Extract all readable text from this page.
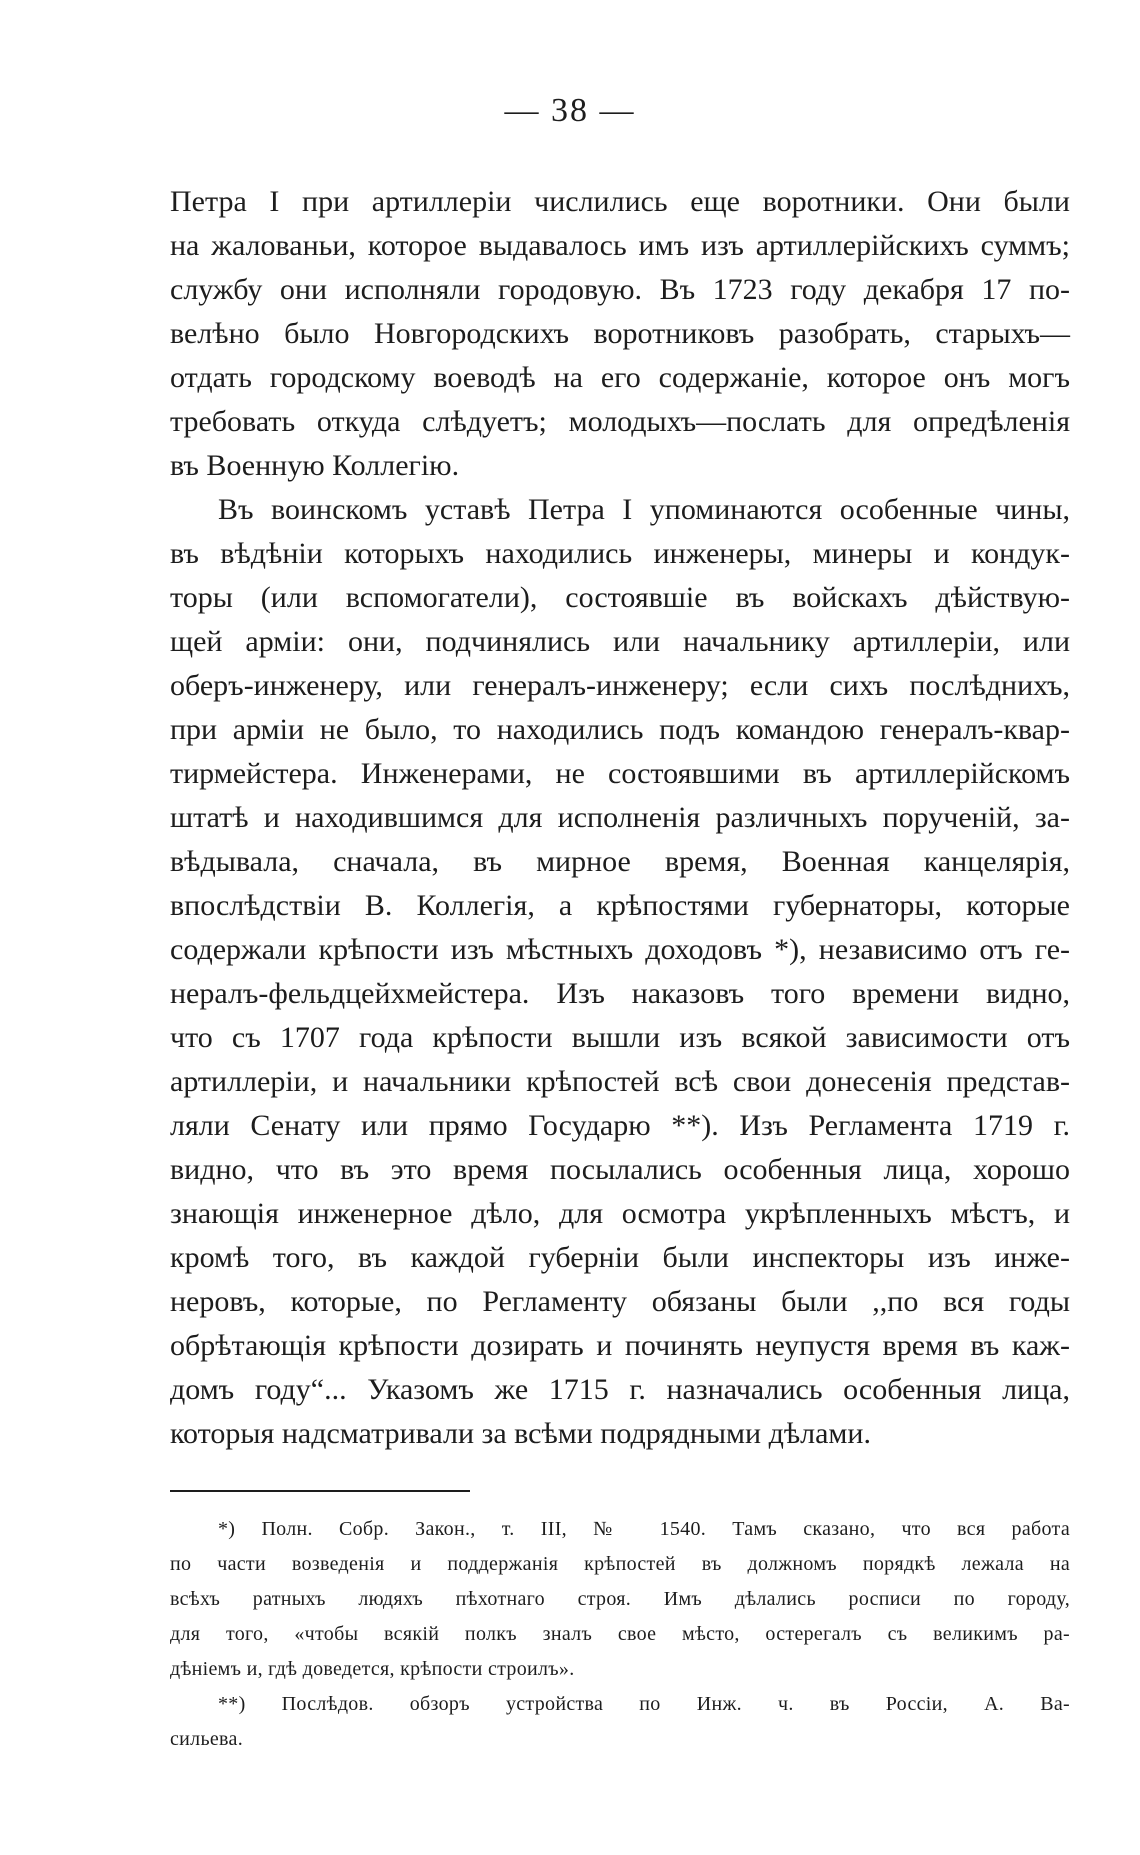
— 38 —
Петра I при артиллеріи числились еще воротники. Они были
на жалованьи, которое выдавалось имъ изъ артиллерійскихъ суммъ;
службу они исполняли городовую. Въ 1723 году декабря 17 по-
велѣно было Новгородскихъ воротниковъ разобрать, старыхъ—
отдать городскому воеводѣ на его содержаніе, которое онъ могъ
требовать откуда слѣдуетъ; молодыхъ—послать для опредѣленія
въ Военную Коллегію.
Въ воинскомъ уставѣ Петра I упоминаются особенные чины,
въ вѣдѣніи которыхъ находились инженеры, минеры и кондук-
торы (или вспомогатели), состоявшіе въ войскахъ дѣйствую-
щей арміи: они, подчинялись или начальнику артиллеріи, или
оберъ-инженеру, или генералъ-инженеру; если сихъ послѣднихъ,
при арміи не было, то находились подъ командою генералъ-квар-
тирмейстера. Инженерами, не состоявшими въ артиллерійскомъ
штатѣ и находившимся для исполненія различныхъ порученій, за-
вѣдывала, сначала, въ мирное время, Военная канцелярія,
впослѣдствіи В. Коллегія, а крѣпостями губернаторы, которые
содержали крѣпости изъ мѣстныхъ доходовъ *), независимо отъ ге-
нералъ-фельдцейхмейстера. Изъ наказовъ того времени видно,
что съ 1707 года крѣпости вышли изъ всякой зависимости отъ
артиллеріи, и начальники крѣпостей всѣ свои донесенія представ-
ляли Сенату или прямо Государю **). Изъ Регламента 1719 г.
видно, что въ это время посылались особенныя лица, хорошо
знающія инженерное дѣло, для осмотра укрѣпленныхъ мѣстъ, и
кромѣ того, въ каждой губерніи были инспекторы изъ инже-
неровъ, которые, по Регламенту обязаны были ,,по вся годы
обрѣтающія крѣпости дозирать и починять неупустя время въ каж-
домъ году“... Указомъ же 1715 г. назначались особенныя лица,
которыя надсматривали за всѣми подрядными дѣлами.
*) Полн. Собр. Закон., т. III, № 1540. Тамъ сказано, что вся работа
по части возведенія и поддержанія крѣпостей въ должномъ порядкѣ лежала на
всѣхъ ратныхъ людяхъ пѣхотнаго строя. Имъ дѣлались росписи по городу,
для того, «чтобы всякій полкъ зналъ свое мѣсто, остерегалъ съ великимъ ра-
дѣніемъ и, гдѣ доведется, крѣпости строилъ».
**) Послѣдов. обзоръ устройства по Инж. ч. въ Россіи, А. Ва-
сильева.
